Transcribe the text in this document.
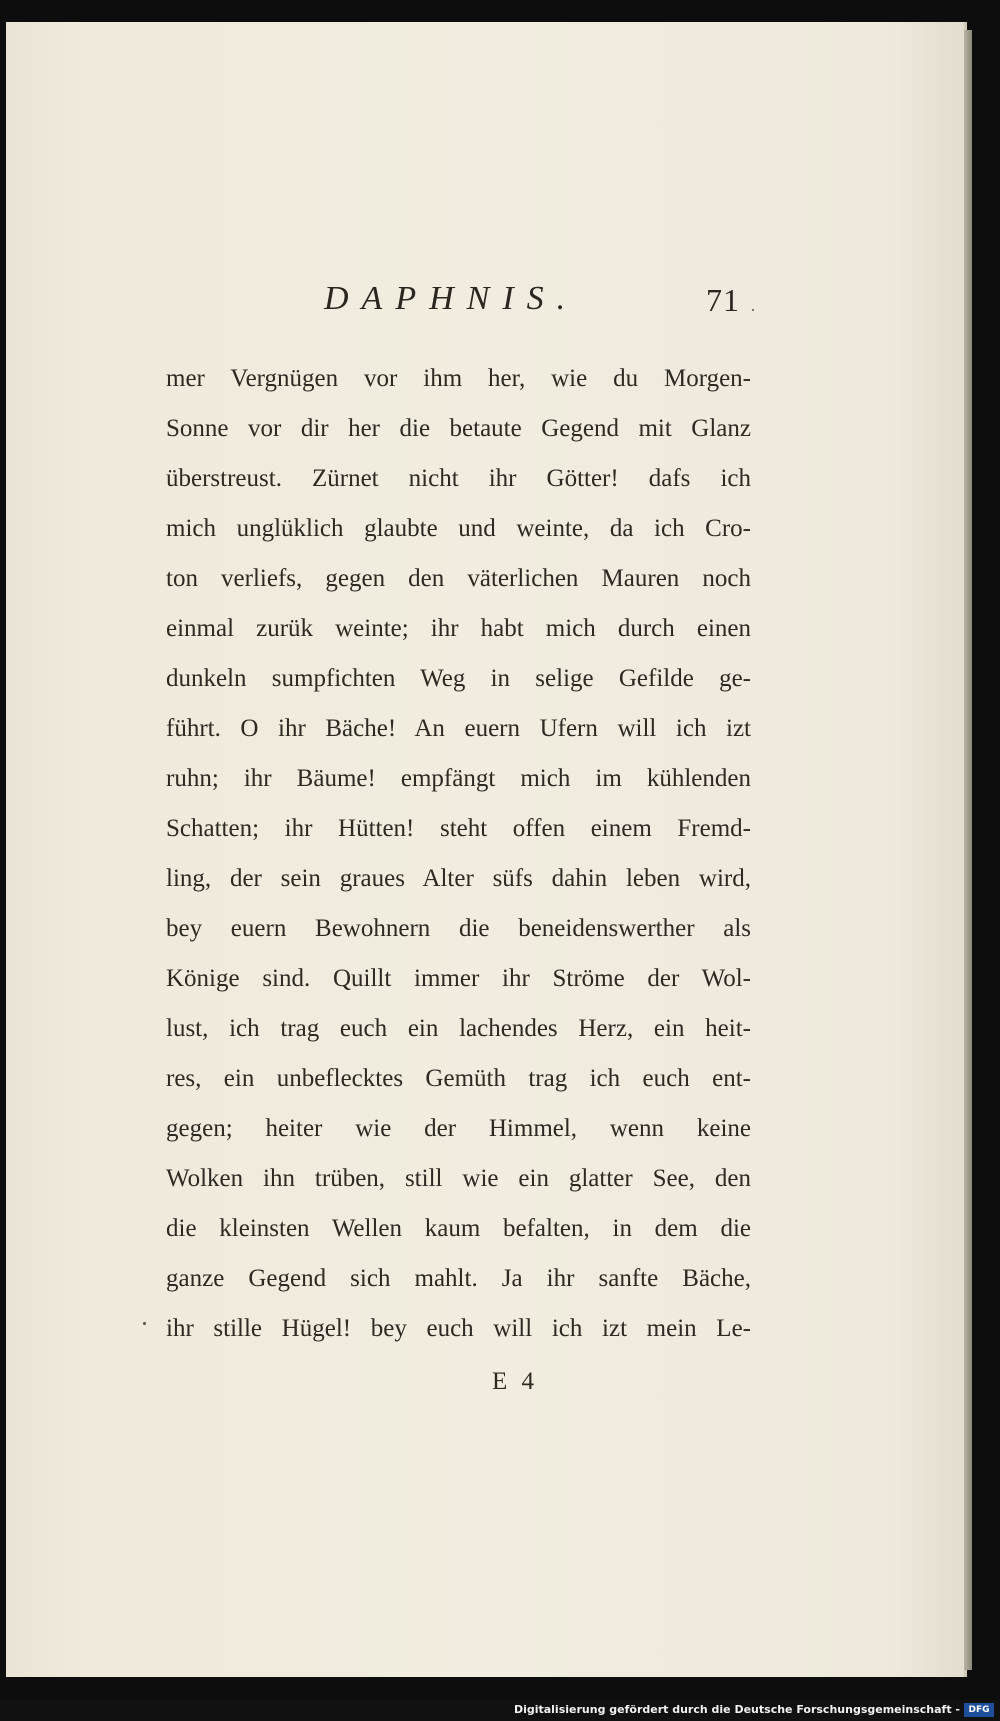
DAPHNIS.	71
mer Vergnügen vor ihm her, wie du Morgen-
Sonne vor dir her die betaute Gegend mit Glanz
überstreust. Zürnet nicht ihr Götter! dafs ich
mich unglüklich glaubte und weinte, da ich Cro-
ton verliefs, gegen den väterlichen Mauren noch
einmal zurük weinte; ihr habt mich durch einen
dunkeln sumpfichten Weg in selige Gefilde ge-
führt. O ihr Bäche! An euern Ufern will ich izt
ruhn; ihr Bäume! empfängt mich im kühlenden
Schatten; ihr Hütten! steht offen einem Fremd-
ling, der sein graues Alter süfs dahin leben wird,
bey euern Bewohnern die beneidenswerther als
Könige sind. Quillt immer ihr Ströme der Wol-
lust, ich trag euch ein lachendes Herz, ein heit-
res, ein unbeflecktes Gemüth trag ich euch ent-
gegen; heiter wie der Himmel, wenn keine
Wolken ihn trüben, still wie ein glatter See, den
die kleinsten Wellen kaum befalten, in dem die
ganze Gegend sich mahlt. Ja ihr sanfte Bäche,
ihr stille Hügel! bey euch will ich izt mein Le-
E 4
Digitalisierung gefördert durch die Deutsche Forschungsgemeinschaft - DFG
